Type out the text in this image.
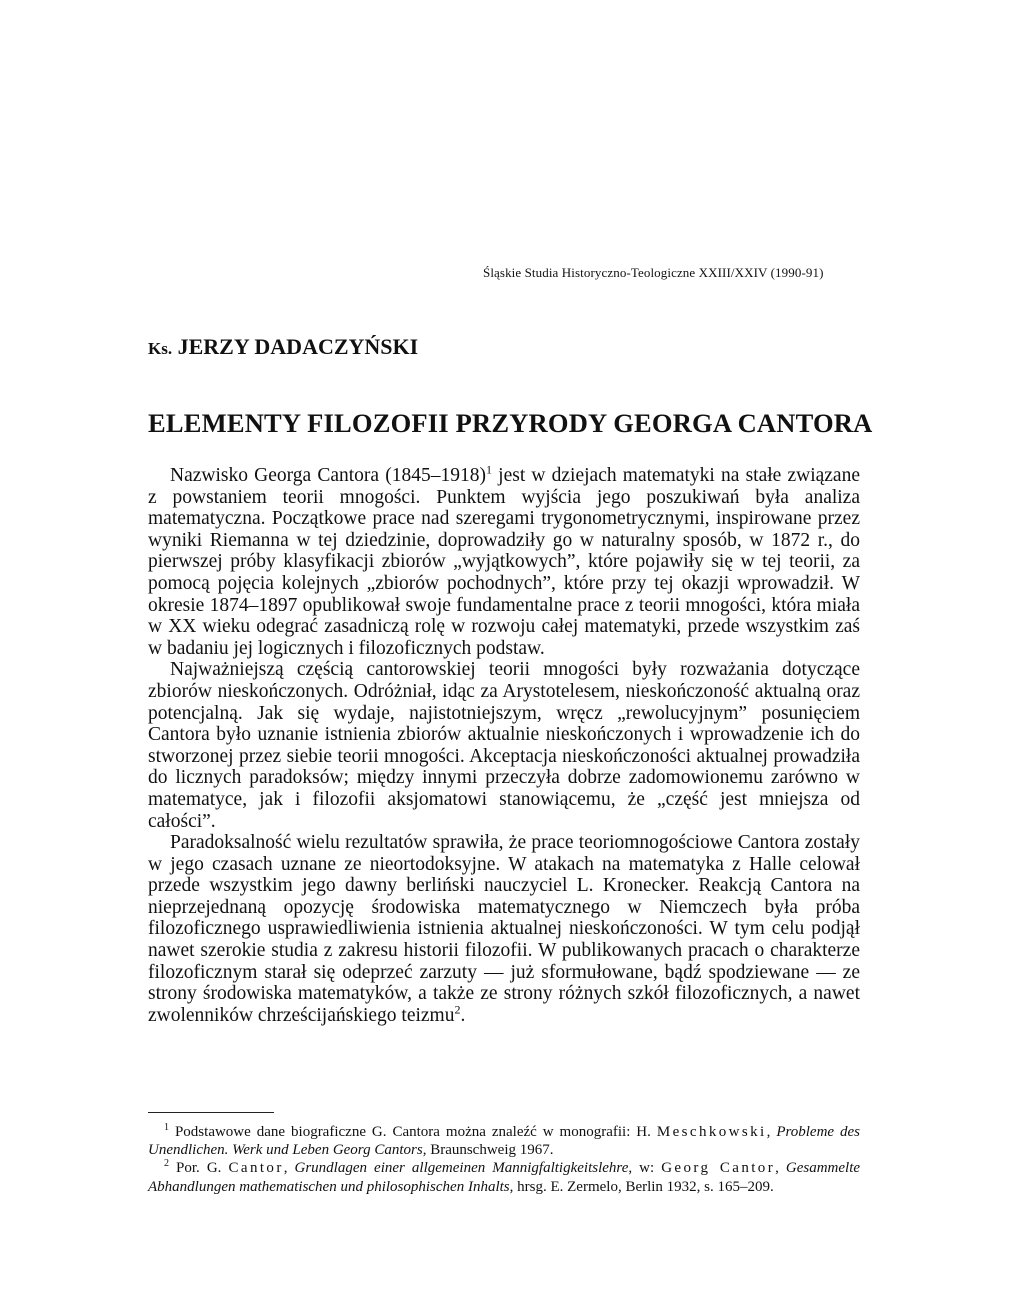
Śląskie Studia Historyczno-Teologiczne XXIII/XXIV (1990-91)
Ks. JERZY DADACZYŃSKI
ELEMENTY FILOZOFII PRZYRODY GEORGA CANTORA

Nazwisko Georga Cantora (1845–1918)$^1$ jest w dziejach matematyki na stałe związane z powstaniem teorii mnogości. Punktem wyjścia jego poszukiwań była analiza matematyczna. Początkowe prace nad szeregami trygonometrycznymi, inspirowane przez wyniki Riemanna w tej dziedzinie, doprowadziły go w naturalny sposób, w 1872 r., do pierwszej próby klasyfikacji zbiorów „wyjątkowych”, które pojawiły się w tej teorii, za pomocą pojęcia kolejnych „zbiorów pochodnych”, które przy tej okazji wprowadził. W okresie 1874–1897 opublikował swoje fundamentalne prace z teorii mnogości, która miała w XX wieku odegrać zasadniczą rolę w rozwoju całej matematyki, przede wszystkim zaś w badaniu jej logicznych i filozoficznych podstaw.

Najważniejszą częścią cantorowskiej teorii mnogości były rozważania dotyczące zbiorów nieskończonych. Odróżniał, idąc za Arystotelesem, nieskończoność aktualną oraz potencjalną. Jak się wydaje, najistotniejszym, wręcz „rewolucyjnym” posunięciem Cantora było uznanie istnienia zbiorów aktualnie nieskończonych i wprowadzenie ich do stworzonej przez siebie teorii mnogości. Akceptacja nieskończoności aktualnej prowadziła do licznych paradoksów; między innymi przeczyła dobrze zadomowionemu zarówno w matematyce, jak i filozofii aksjomatowi stanowiącemu, że „część jest mniejsza od całości”.

Paradoksalność wielu rezultatów sprawiła, że prace teoriomnogościowe Cantora zostały w jego czasach uznane ze nieortodoksyjne. W atakach na matematyka z Halle celował przede wszystkim jego dawny berliński nauczyciel L. Kronecker. Reakcją Cantora na nieprzejednaną opozycję środowiska matematycznego w Niemczech była próba filozoficznego usprawiedliwienia istnienia aktualnej nieskończoności. W tym celu podjął nawet szerokie studia z zakresu historii filozofii. W publikowanych pracach o charakterze filozoficznym starał się odeprzeć zarzuty — już sformułowane, bądź spodziewane — ze strony środowiska matematyków, a także ze strony różnych szkół filozoficznych, a nawet zwolenników chrześcijańskiego teizmu$^2$.

$^1$ Podstawowe dane biograficzne G. Cantora można znaleźć w monografii: H. Meschkowski, Probleme des Unendlichen. Werk und Leben Georg Cantors, Braunschweig 1967.

$^2$ Por. G. Cantor, Grundlagen einer allgemeinen Mannigfaltigkeitslehre, w: Georg Cantor, Gesammelte Abhandlungen mathematischen und philosophischen Inhalts, hrsg. E. Zermelo, Berlin 1932, s. 165–209.
